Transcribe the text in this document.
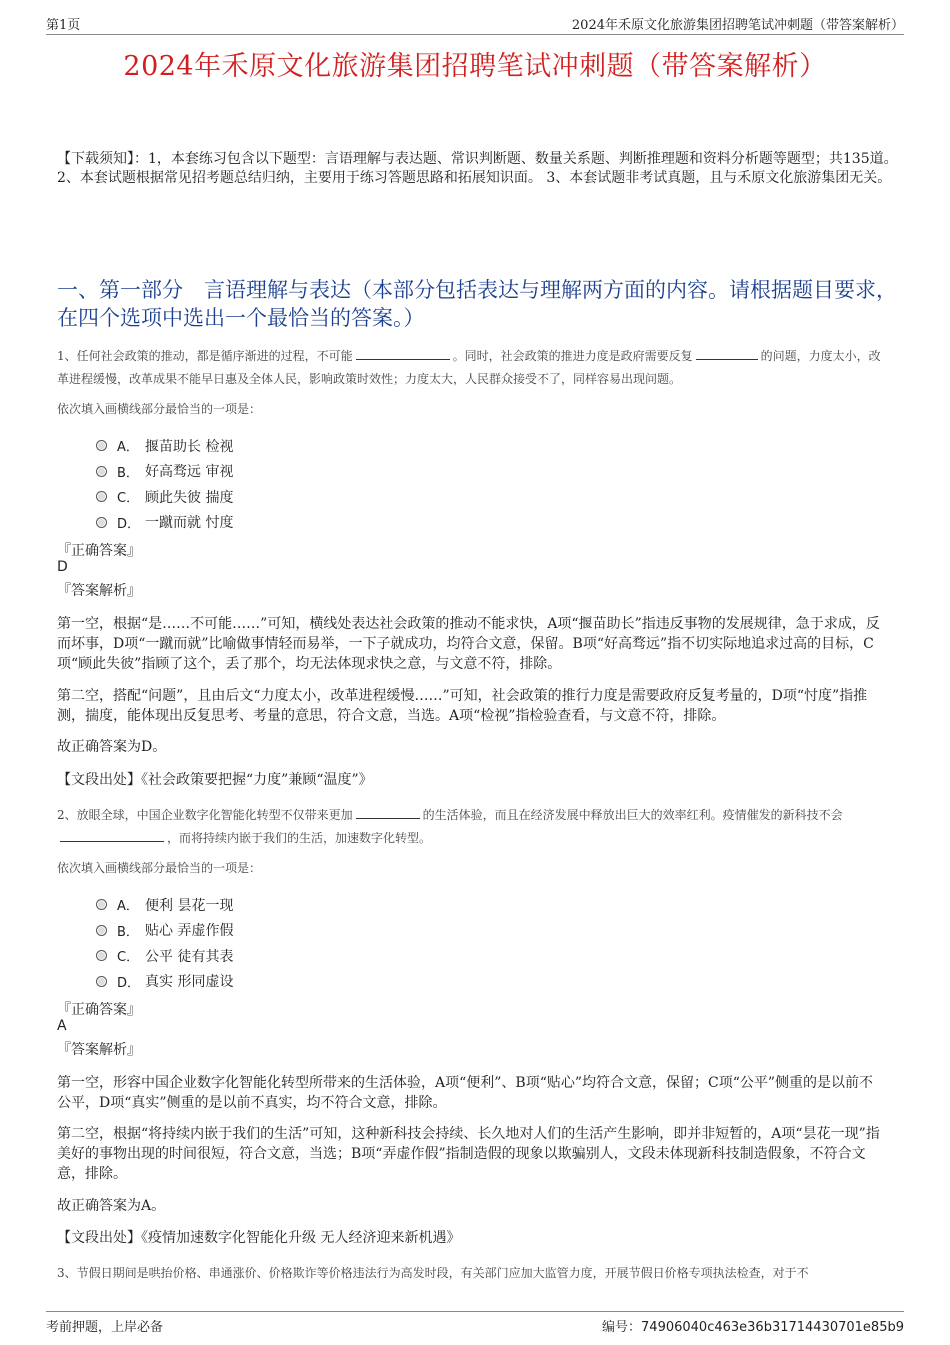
第1页	2024年禾原文化旅游集团招聘笔试冲刺题（带答案解析）
2024年禾原文化旅游集团招聘笔试冲刺题（带答案解析）
【下载须知】：1，本套练习包含以下题型：言语理解与表达题、常识判断题、数量关系题、判断推理题和资料分析题等题型；共135道。 2、本套试题根据常见招考题总结归纳，主要用于练习答题思路和拓展知识面。 3、本套试题非考试真题，且与禾原文化旅游集团无关。
一、第一部分　言语理解与表达（本部分包括表达与理解两方面的内容。请根据题目要求，在四个选项中选出一个最恰当的答案。）
1、任何社会政策的推动，都是循序渐进的过程，不可能	。同时，社会政策的推进力度是政府需要反复	的问题，力度太小，改革进程缓慢，改革成果不能早日惠及全体人民，影响政策时效性；力度太大，人民群众接受不了，同样容易出现问题。
依次填入画横线部分最恰当的一项是：
A． 揠苗助长 检视
B． 好高骛远 审视
C． 顾此失彼 揣度
D． 一蹴而就 忖度
『正确答案』
D
『答案解析』
第一空，根据“是……不可能……”可知，横线处表达社会政策的推动不能求快，A项“揠苗助长”指违反事物的发展规律，急于求成，反而坏事，D项“一蹴而就”比喻做事情轻而易举，一下子就成功，均符合文意，保留。B项“好高骛远”指不切实际地追求过高的目标，C项“顾此失彼”指顾了这个，丢了那个，均无法体现求快之意，与文意不符，排除。
第二空，搭配“问题”，且由后文“力度太小，改革进程缓慢……”可知，社会政策的推行力度是需要政府反复考量的，D项“忖度”指推测，揣度，能体现出反复思考、考量的意思，符合文意，当选。A项“检视”指检验查看，与文意不符，排除。
故正确答案为D。
【文段出处】《社会政策要把握“力度”兼顾“温度”》
2、放眼全球，中国企业数字化智能化转型不仅带来更加	的生活体验，而且在经济发展中释放出巨大的效率红利。疫情催发的新科技不会，而将持续内嵌于我们的生活，加速数字化转型。
依次填入画横线部分最恰当的一项是：
A． 便利 昙花一现
B． 贴心 弄虚作假
C． 公平 徒有其表
D． 真实 形同虚设
『正确答案』
A
『答案解析』
第一空，形容中国企业数字化智能化转型所带来的生活体验，A项“便利”、B项“贴心”均符合文意，保留；C项“公平”侧重的是以前不公平，D项“真实”侧重的是以前不真实，均不符合文意，排除。
第二空，根据“将持续内嵌于我们的生活”可知，这种新科技会持续、长久地对人们的生活产生影响，即并非短暂的，A项“昙花一现”指美好的事物出现的时间很短，符合文意，当选；B项“弄虚作假”指制造假的现象以欺骗别人，文段未体现新科技制造假象，不符合文意，排除。
故正确答案为A。
【文段出处】《疫情加速数字化智能化升级 无人经济迎来新机遇》
3、节假日期间是哄抬价格、串通涨价、价格欺诈等价格违法行为高发时段，有关部门应加大监管力度，开展节假日价格专项执法检查，对于不
考前押题，上岸必备	编号：74906040c463e36b31714430701e85b9
